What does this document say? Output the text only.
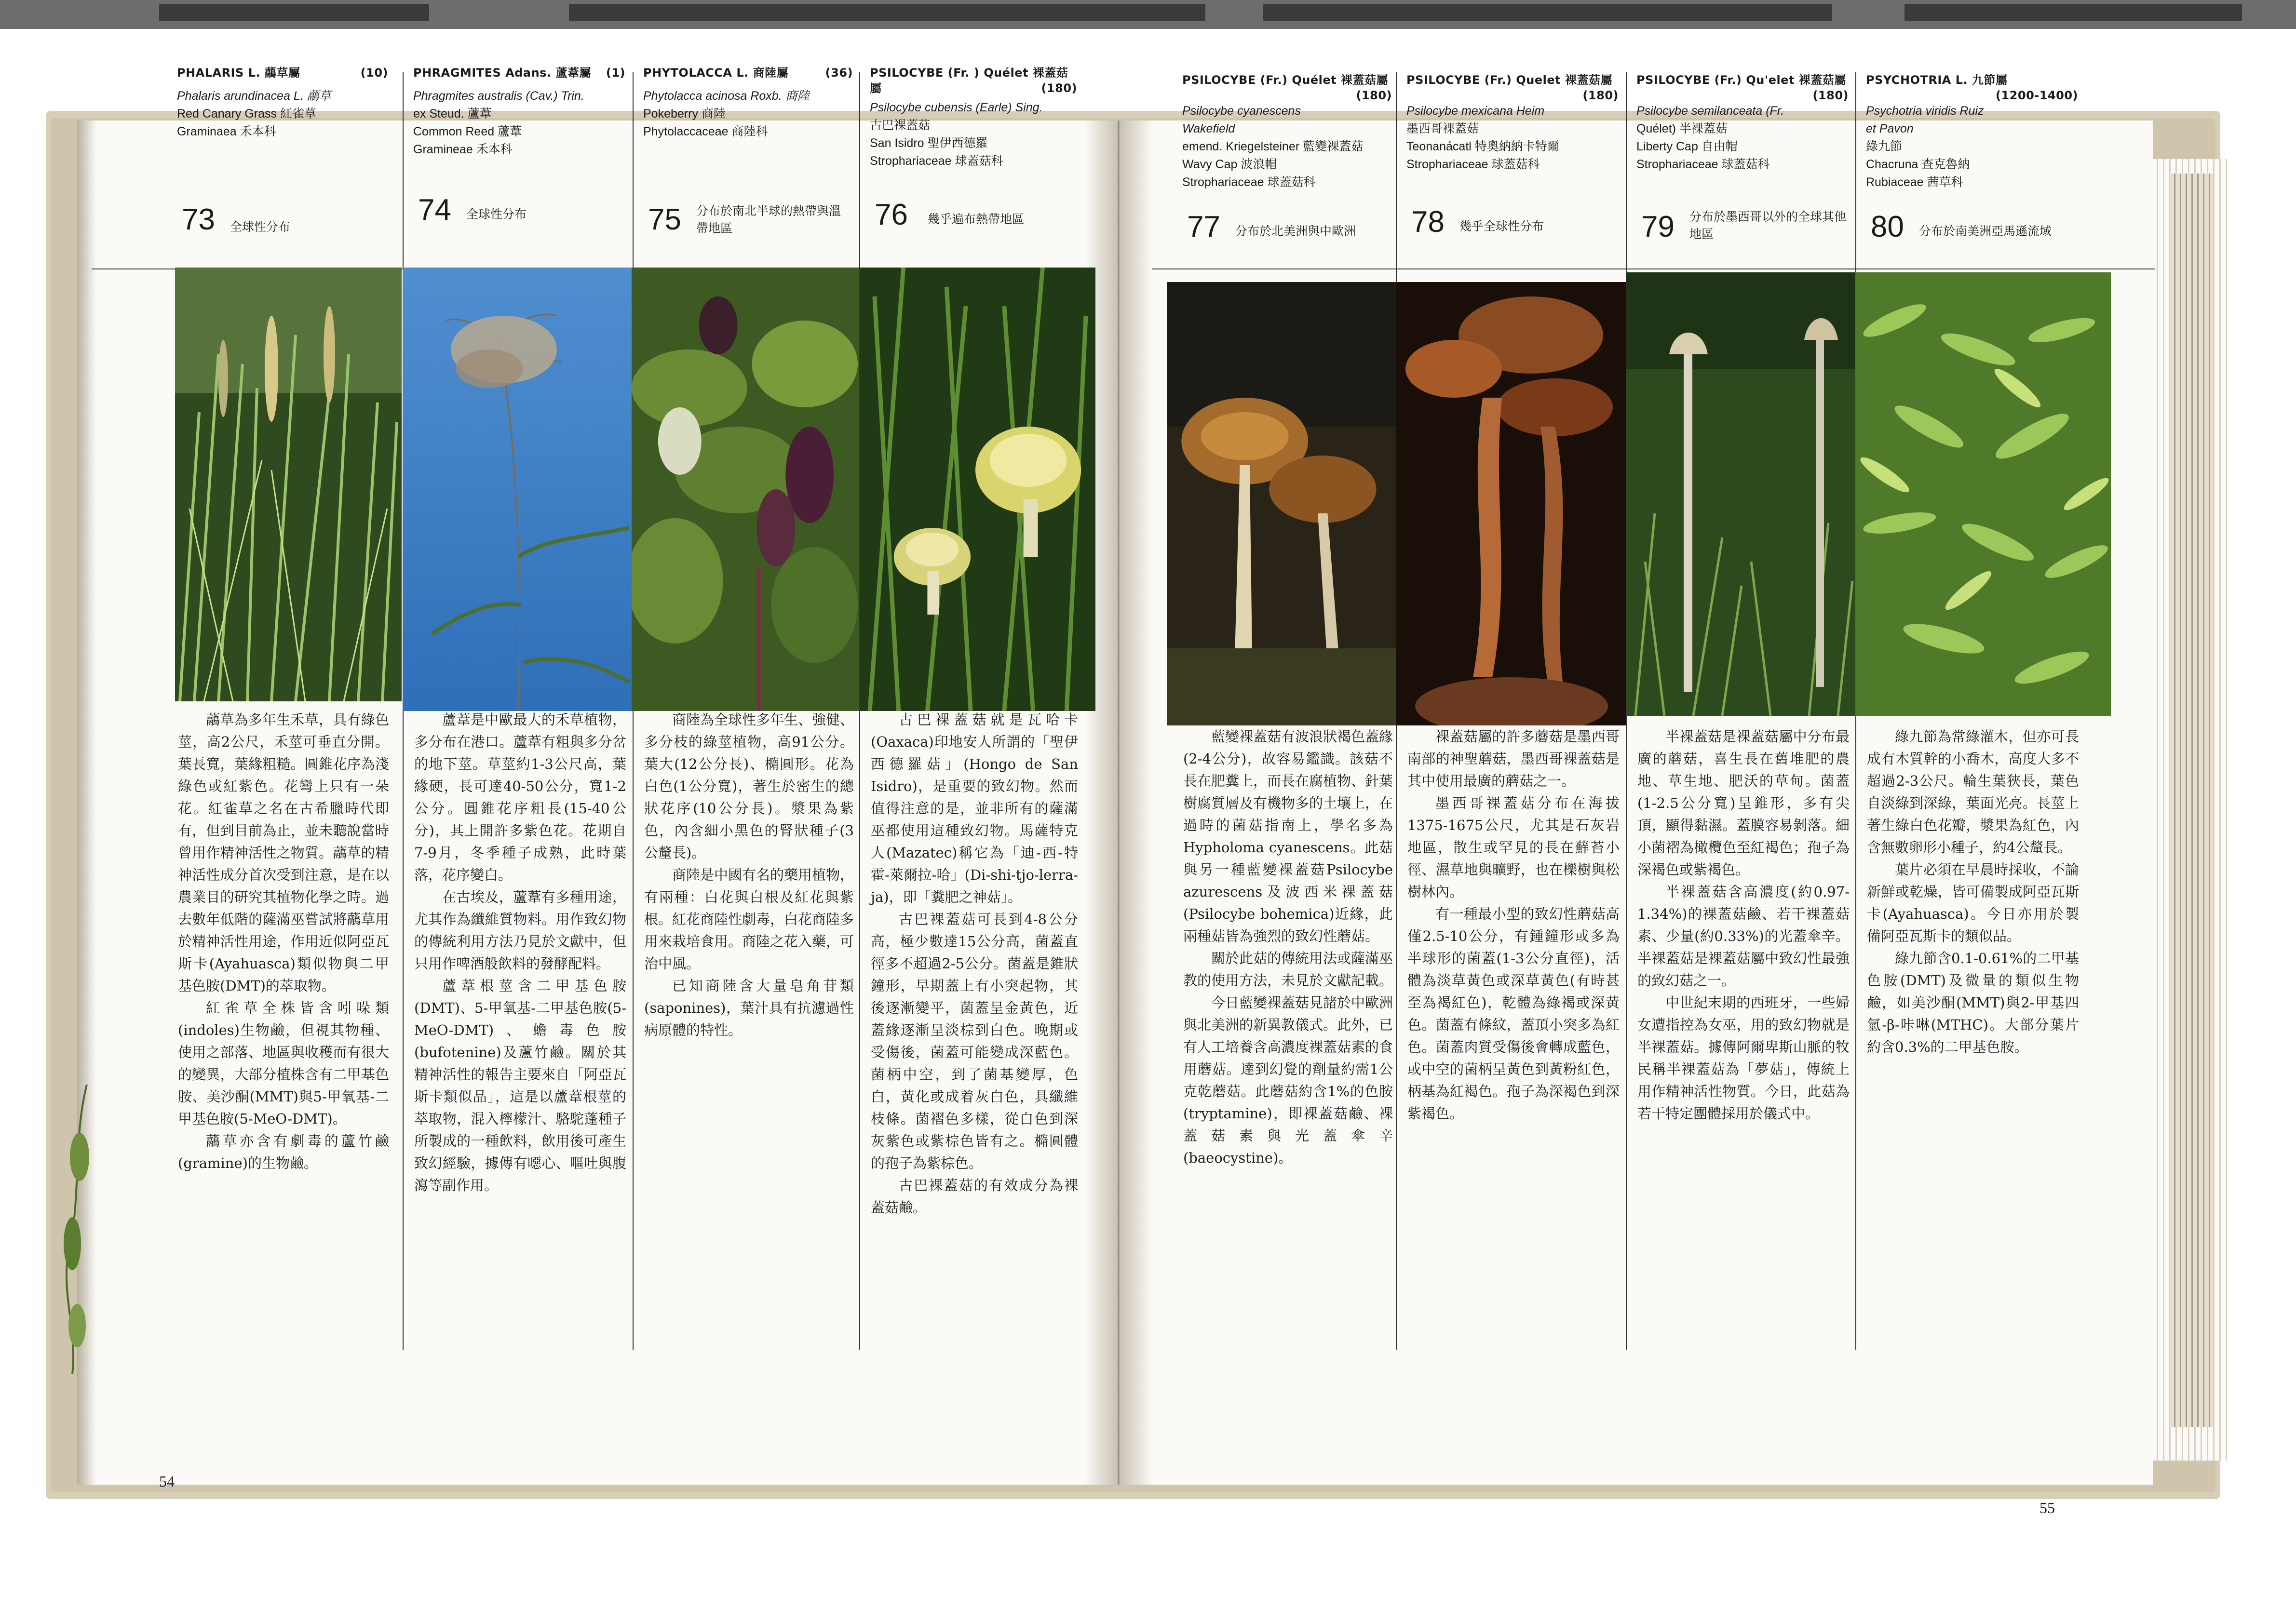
PHALARIS L. 虉草屬	(10)
Phalaris arundinacea L. 虉草
Red Canary Grass 紅雀草
Graminaea 禾本科
73 全球性分布

虉草為多年生禾草，具有綠色莖，高2公尺，禾莖可垂直分開。葉長寬，葉緣粗糙。圓錐花序為淺綠色或紅紫色。花彎上只有一朵花。紅雀草之名在古希臘時代即有，但到目前為止，並未聽說當時曾用作精神活性之物質。虉草的精神活性成分首次受到注意，是在以農業目的研究其植物化學之時。過去數年低階的薩滿巫嘗試將虉草用於精神活性用途，作用近似阿亞瓦斯卡(Ayahuasca)類似物與二甲基色胺(DMT)的萃取物。

紅雀草全株皆含吲哚類(indoles)生物鹼，但視其物種、使用之部落、地區與收穫而有很大的變異，大部分植株含有二甲基色胺、美沙酮(MMT)與5-甲氧基-二甲基色胺(5-MeO-DMT)。

虉草亦含有劇毒的蘆竹鹼(gramine)的生物鹼。

PHRAGMITES Adans. 蘆葦屬 (1)
Phragmites australis (Cav.) Trin.
ex Steud. 蘆葦
Common Reed 蘆葦
Gramineae 禾本科
74 全球性分布

蘆葦是中歐最大的禾草植物，多分布在港口。蘆葦有粗與多分岔的地下莖。草莖約1-3公尺高，葉緣硬，長可達40-50公分，寬1-2公分。圓錐花序粗長(15-40公分)，其上開許多紫色花。花期自7-9月，冬季種子成熟，此時葉落，花序變白。

在古埃及，蘆葦有多種用途，尤其作為纖維質物料。用作致幻物的傳統利用方法乃見於文獻中，但只用作啤酒般飲料的發酵配料。

蘆葦根莖含二甲基色胺(DMT)、5-甲氧基-二甲基色胺(5-MeO-DMT)、蟾毒色胺(bufotenine)及蘆竹鹼。關於其精神活性的報告主要來自「阿亞瓦斯卡類似品」，這是以蘆葦根莖的萃取物，混入檸檬汁、駱駝蓬種子所製成的一種飲料，飲用後可產生致幻經驗，據傳有噁心、嘔吐與腹瀉等副作用。

PHYTOLACCA L. 商陸屬	(36)
Phytolacca acinosa Roxb. 商陸
Pokeberry 商陸
Phytolaccaceae 商陸科
75 分布於南北半球的熱帶與溫帶地區

商陸為全球性多年生、強健、多分枝的綠莖植物，高91公分。葉大(12公分長)、橢圓形。花為白色(1公分寬)，著生於密生的總狀花序(10公分長)。漿果為紫色，內含細小黑色的腎狀種子(3公釐長)。

商陸是中國有名的藥用植物，有兩種：白花與白根及紅花與紫根。紅花商陸性劇毒，白花商陸多用來栽培食用。商陸之花入藥，可治中風。

已知商陸含大量皂角苷類(saponines)，葉汁具有抗濾過性病原體的特性。

PSILOCYBE (Fr. ) Quélet 裸蓋菇屬	(180)
Psilocybe cubensis (Earle) Sing.
古巴裸蓋菇
San Isidro 聖伊西德羅
Strophariaceae 球蓋菇科
76 幾乎遍布熱帶地區

古巴裸蓋菇就是瓦哈卡(Oaxaca)印地安人所謂的「聖伊西德羅菇」(Hongo de San Isidro)，是重要的致幻物。然而值得注意的是，並非所有的薩滿巫都使用這種致幻物。馬薩特克人(Mazatec)稱它為「迪-西-特霍-萊爾拉-哈」(Di-shi-tjo-lerra-ja)，即「糞肥之神菇」。

古巴裸蓋菇可長到4-8公分高，極少數達15公分高，菌蓋直徑多不超過2-5公分。菌蓋是錐狀鐘形，早期蓋上有小突起物，其後逐漸變平，菌蓋呈金黃色，近蓋緣逐漸呈淡棕到白色。晚期或受傷後，菌蓋可能變成深藍色。菌柄中空，到了菌基變厚，色白，黃化或成着灰白色，具纖維枝條。菌褶色多樣，從白色到深灰紫色或紫棕色皆有之。橢圓體的孢子為紫棕色。

古巴裸蓋菇的有效成分為裸蓋菇鹼。

54
PSILOCYBE (Fr.) Quélet 裸蓋菇屬
(180)
Psilocybe cyanescens Wakefield
emend. Kriegelsteiner 藍變裸蓋菇
Wavy Cap 波浪帽
Strophariaceae 球蓋菇科
77 分布於北美洲與中歐洲

藍變裸蓋菇有波浪狀褐色蓋緣(2-4公分)，故容易鑑識。該菇不長在肥糞上，而長在腐植物、針葉樹腐質層及有機物多的土壤上，在過時的菌菇指南上，學名多為Hypholoma cyanescens。此菇與另一種藍變裸蓋菇Psilocybe azurescens及波西米裸蓋菇(Psilocybe bohemica)近緣，此兩種菇皆為強烈的致幻性蘑菇。

關於此菇的傳統用法或薩滿巫教的使用方法，未見於文獻記載。

今日藍變裸蓋菇見諸於中歐洲與北美洲的新異教儀式。此外，已有人工培養含高濃度裸蓋菇素的食用蘑菇。達到幻覺的劑量約需1公克乾蘑菇。此蘑菇約含1%的色胺(tryptamine)，即裸蓋菇鹼、裸蓋菇素與光蓋傘辛(baeocystine)。

PSILOCYBE (Fr.) Quelet 裸蓋菇屬
(180)
Psilocybe mexicana Heim
墨西哥裸蓋菇
Teonanácatl 特奧納納卡特爾
Strophariaceae 球蓋菇科
78 幾乎全球性分布

裸蓋菇屬的許多蘑菇是墨西哥南部的神聖蘑菇，墨西哥裸蓋菇是其中使用最廣的蘑菇之一。

墨西哥裸蓋菇分布在海拔1375-1675公尺，尤其是石灰岩地區，散生或罕見的長在蘚苔小徑、濕草地與曠野，也在櫟樹與松樹林內。

有一種最小型的致幻性蘑菇高僅2.5-10公分，有鍾鐘形或多為半球形的菌蓋(1-3公分直徑)，活體為淡草黃色或深草黃色(有時甚至為褐紅色)，乾體為綠褐或深黃色。菌蓋有條紋，蓋頂小突多為紅色。菌蓋肉質受傷後會轉成藍色，或中空的菌柄呈黃色到黃粉紅色，柄基為紅褐色。孢子為深褐色到深紫褐色。

PSILOCYBE (Fr.) Qu'elet 裸蓋菇屬
(180)
Psilocybe semilanceata (Fr.
Quélet) 半裸蓋菇
Liberty Cap 自由帽
Strophariaceae 球蓋菇科
79 分布於墨西哥以外的全球其他地區

半裸蓋菇是裸蓋菇屬中分布最廣的蘑菇，喜生長在舊堆肥的農地、草生地、肥沃的草甸。菌蓋(1-2.5公分寬)呈錐形，多有尖頂，顯得黏濕。蓋膜容易剝落。細小菌褶為橄欖色至紅褐色；孢子為深褐色或紫褐色。

半裸蓋菇含高濃度(約0.97-1.34%)的裸蓋菇鹼、若干裸蓋菇素、少量(約0.33%)的光蓋傘辛。半裸蓋菇是裸蓋菇屬中致幻性最強的致幻菇之一。

中世紀末期的西班牙，一些婦女遭指控為女巫，用的致幻物就是半裸蓋菇。據傳阿爾卑斯山脈的牧民稱半裸蓋菇為「夢菇」，傳統上用作精神活性物質。今日，此菇為若干特定團體採用於儀式中。

PSYCHOTRIA L. 九節屬
(1200-1400)
Psychotria viridis Ruiz et Pavon
綠九節
Chacruna 查克魯納
Rubiaceae 茜草科
80 分布於南美洲亞馬遜流域

綠九節為常綠灌木，但亦可長成有木質幹的小喬木，高度大多不超過2-3公尺。輪生葉狹長，葉色自淡綠到深綠，葉面光亮。長莖上著生綠白色花瓣，漿果為紅色，內含無數卵形小種子，約4公釐長。

葉片必須在早晨時採收，不論新鮮或乾燥，皆可備製成阿亞瓦斯卡(Ayahuasca)。今日亦用於製備阿亞瓦斯卡的類似品。

綠九節含0.1-0.61%的二甲基色胺(DMT)及微量的類似生物鹼，如美沙酮(MMT)與2-甲基四氫-β-咔啉(MTHC)。大部分葉片約含0.3%的二甲基色胺。

55
